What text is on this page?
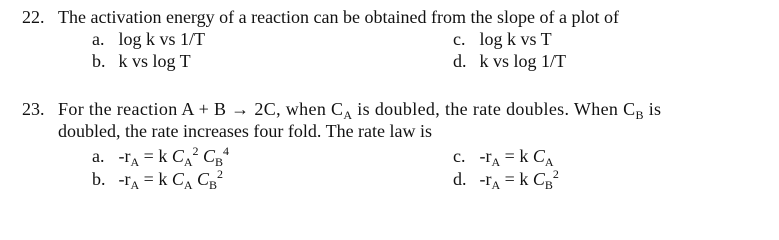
22. The activation energy of a reaction can be obtained from the slope of a plot of
a. log k vs 1/T
b. k vs log T
c. log k vs T
d. k vs log 1/T
23. For the reaction A + B → 2C, when $C_A$ is doubled, the rate doubles. When $C_B$ is
doubled, the rate increases four fold. The rate law is
a. $-r_A = k$ $C_A^2$ $C_B^4$
b. $-r_A = k$ $C_A$ $C_B^2$
c. $-r_A = k$ $C_A$
d. $-r_A = k$ $C_B^2$
